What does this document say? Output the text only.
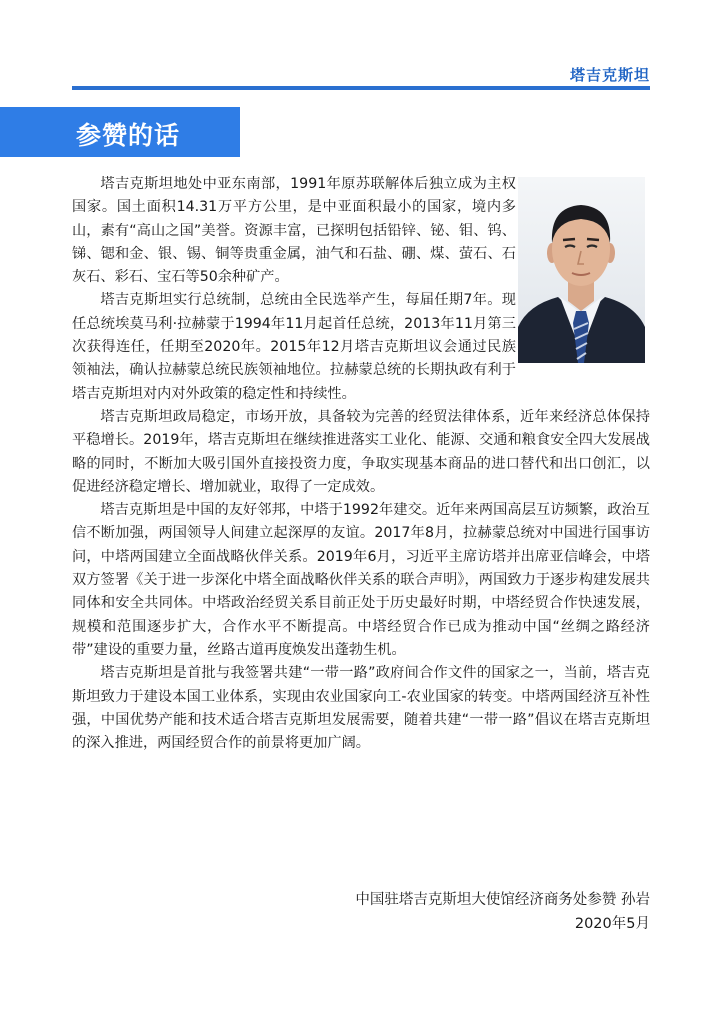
塔吉克斯坦
参赞的话

塔吉克斯坦地处中亚东南部，1991年原苏联解体后独立成为主权国家。国土面积14.31万平方公里，是中亚面积最小的国家，境内多山，素有“高山之国”美誉。资源丰富，已探明包括铅锌、铋、钼、钨、锑、锶和金、银、锡、铜等贵重金属，油气和石盐、硼、煤、萤石、石灰石、彩石、宝石等50余种矿产。

塔吉克斯坦实行总统制，总统由全民选举产生，每届任期7年。现任总统埃莫马利·拉赫蒙于1994年11月起首任总统，2013年11月第三次获得连任，任期至2020年。2015年12月塔吉克斯坦议会通过民族领袖法，确认拉赫蒙总统民族领袖地位。拉赫蒙总统的长期执政有利于塔吉克斯坦对内对外政策的稳定性和持续性。

塔吉克斯坦政局稳定，市场开放，具备较为完善的经贸法律体系，近年来经济总体保持平稳增长。2019年，塔吉克斯坦在继续推进落实工业化、能源、交通和粮食安全四大发展战略的同时，不断加大吸引国外直接投资力度，争取实现基本商品的进口替代和出口创汇，以促进经济稳定增长、增加就业，取得了一定成效。

塔吉克斯坦是中国的友好邻邦，中塔于1992年建交。近年来两国高层互访频繁，政治互信不断加强，两国领导人间建立起深厚的友谊。2017年8月，拉赫蒙总统对中国进行国事访问，中塔两国建立全面战略伙伴关系。2019年6月，习近平主席访塔并出席亚信峰会，中塔双方签署《关于进一步深化中塔全面战略伙伴关系的联合声明》，两国致力于逐步构建发展共同体和安全共同体。中塔政治经贸关系目前正处于历史最好时期，中塔经贸合作快速发展，规模和范围逐步扩大，合作水平不断提高。中塔经贸合作已成为推动中国“丝绸之路经济带”建设的重要力量，丝路古道再度焕发出蓬勃生机。

塔吉克斯坦是首批与我签署共建“一带一路”政府间合作文件的国家之一，当前，塔吉克斯坦致力于建设本国工业体系，实现由农业国家向工-农业国家的转变。中塔两国经济互补性强，中国优势产能和技术适合塔吉克斯坦发展需要，随着共建“一带一路”倡议在塔吉克斯坦的深入推进，两国经贸合作的前景将更加广阔。

中国驻塔吉克斯坦大使馆经济商务处参赞 孙岩
2020年5月
